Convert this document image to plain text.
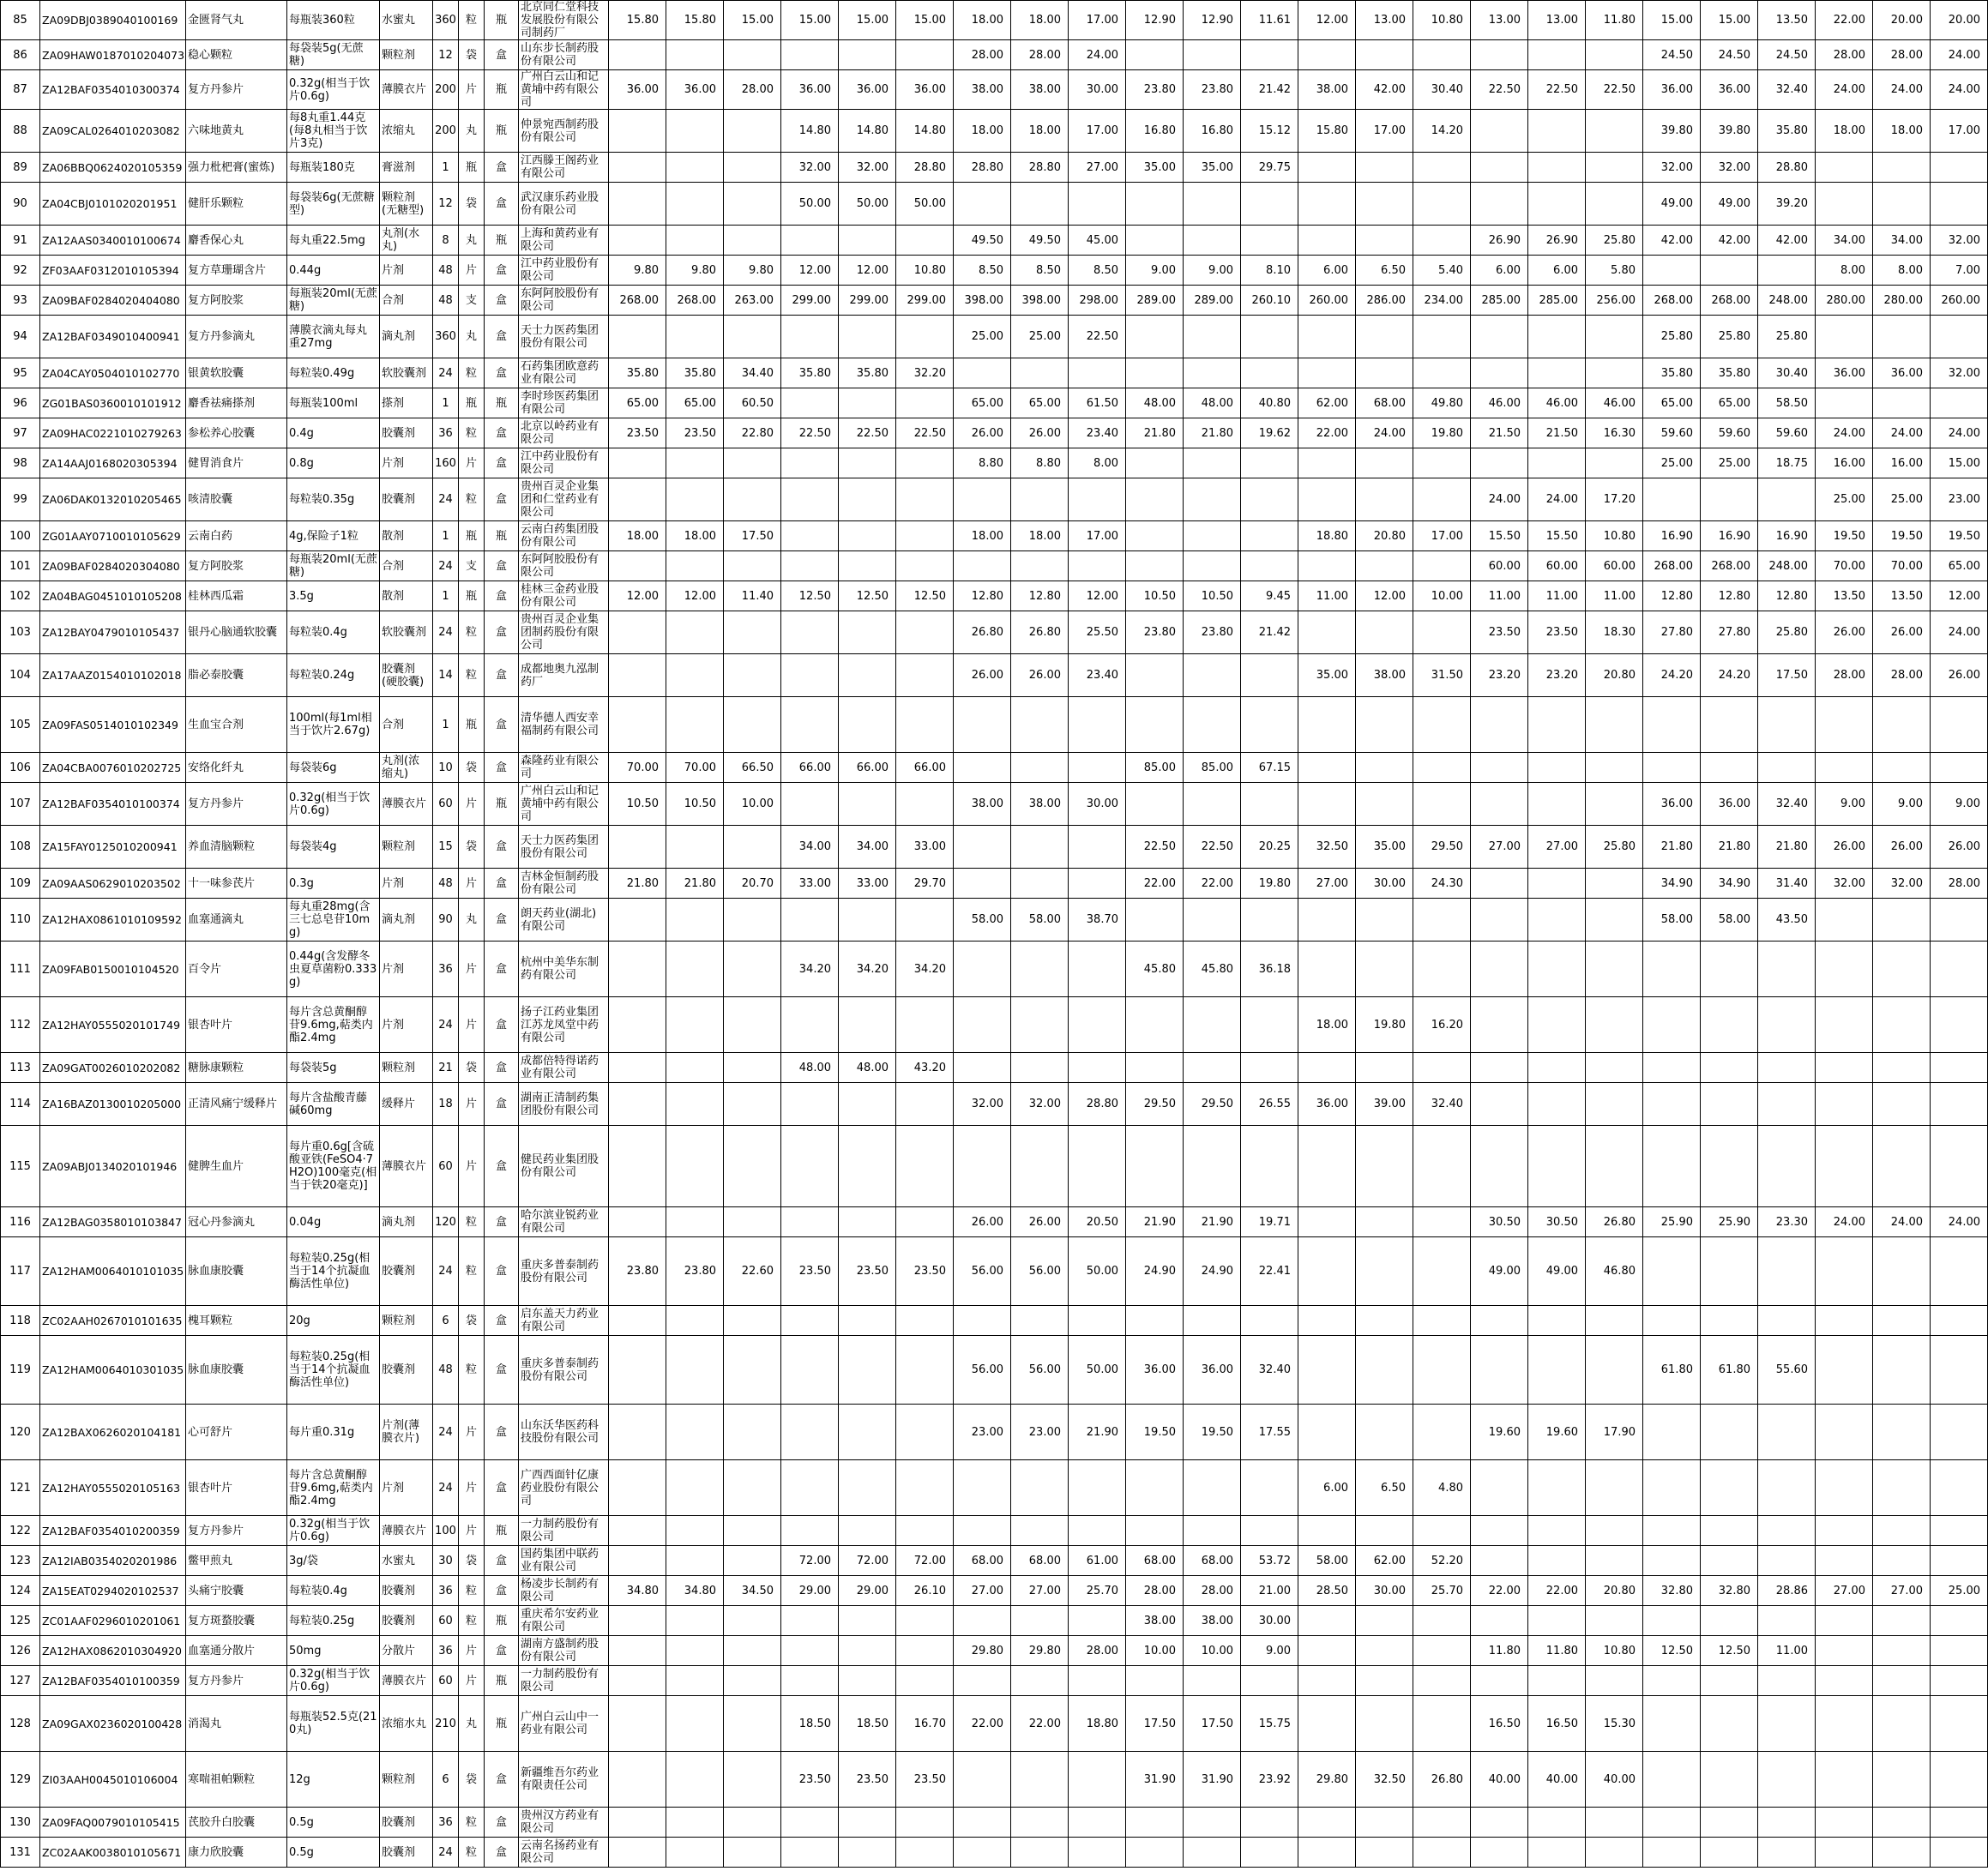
85	ZA09DBJ0389040100169	金匮肾气丸	每瓶装360粒	水蜜丸	360	粒	瓶	北京同仁堂科技发展股份有限公司制药厂	15.80	15.80	15.00	15.00	15.00	15.00	18.00	18.00	17.00	12.90	12.90	11.61	12.00	13.00	10.80	13.00	13.00	11.80	15.00	15.00	13.50	22.00	20.00	20.00
86	ZA09HAW0187010204073	稳心颗粒	每袋装5g(无蔗糖)	颗粒剂	12	袋	盒	山东步长制药股份有限公司							28.00	28.00	24.00										24.50	24.50	24.50	28.00	28.00	24.00
87	ZA12BAF0354010300374	复方丹参片	0.32g(相当于饮片0.6g)	薄膜衣片	200	片	瓶	广州白云山和记黄埔中药有限公司	36.00	36.00	28.00	36.00	36.00	36.00	38.00	38.00	30.00	23.80	23.80	21.42	38.00	42.00	30.40	22.50	22.50	22.50	36.00	36.00	32.40	24.00	24.00	24.00
88	ZA09CAL0264010203082	六味地黄丸	每8丸重1.44克(每8丸相当于饮片3克)	浓缩丸	200	丸	瓶	仲景宛西制药股份有限公司				14.80	14.80	14.80	18.00	18.00	17.00	16.80	16.80	15.12	15.80	17.00	14.20				39.80	39.80	35.80	18.00	18.00	17.00
89	ZA06BBQ0624020105359	强力枇杷膏(蜜炼)	每瓶装180克	膏滋剂	1	瓶	盒	江西滕王阁药业有限公司				32.00	32.00	28.80	28.80	28.80	27.00	35.00	35.00	29.75							32.00	32.00	28.80			
90	ZA04CBJ0101020201951	健肝乐颗粒	每袋装6g(无蔗糖型)	颗粒剂(无糖型)	12	袋	盒	武汉康乐药业股份有限公司				50.00	50.00	50.00													49.00	49.00	39.20			
91	ZA12AAS0340010100674	麝香保心丸	每丸重22.5mg	丸剂(水丸)	8	丸	瓶	上海和黄药业有限公司							49.50	49.50	45.00							26.90	26.90	25.80	42.00	42.00	42.00	34.00	34.00	32.00
92	ZF03AAF0312010105394	复方草珊瑚含片	0.44g	片剂	48	片	盒	江中药业股份有限公司	9.80	9.80	9.80	12.00	12.00	10.80	8.50	8.50	8.50	9.00	9.00	8.10	6.00	6.50	5.40	6.00	6.00	5.80				8.00	8.00	7.00
93	ZA09BAF0284020404080	复方阿胶浆	每瓶装20ml(无蔗糖)	合剂	48	支	盒	东阿阿胶股份有限公司	268.00	268.00	263.00	299.00	299.00	299.00	398.00	398.00	298.00	289.00	289.00	260.10	260.00	286.00	234.00	285.00	285.00	256.00	268.00	268.00	248.00	280.00	280.00	260.00
94	ZA12BAF0349010400941	复方丹参滴丸	薄膜衣滴丸每丸重27mg	滴丸剂	360	丸	盒	天士力医药集团股份有限公司							25.00	25.00	22.50										25.80	25.80	25.80			
95	ZA04CAY0504010102770	银黄软胶囊	每粒装0.49g	软胶囊剂	24	粒	盒	石药集团欧意药业有限公司	35.80	35.80	34.40	35.80	35.80	32.20													35.80	35.80	30.40	36.00	36.00	32.00
96	ZG01BAS0360010101912	麝香祛痛搽剂	每瓶装100ml	搽剂	1	瓶	瓶	李时珍医药集团有限公司	65.00	65.00	60.50				65.00	65.00	61.50	48.00	48.00	40.80	62.00	68.00	49.80	46.00	46.00	46.00	65.00	65.00	58.50			
97	ZA09HAC0221010279263	参松养心胶囊	0.4g	胶囊剂	36	粒	盒	北京以岭药业有限公司	23.50	23.50	22.80	22.50	22.50	22.50	26.00	26.00	23.40	21.80	21.80	19.62	22.00	24.00	19.80	21.50	21.50	16.30	59.60	59.60	59.60	24.00	24.00	24.00
98	ZA14AAJ0168020305394	健胃消食片	0.8g	片剂	160	片	盒	江中药业股份有限公司							8.80	8.80	8.00										25.00	25.00	18.75	16.00	16.00	15.00
99	ZA06DAK0132010205465	咳清胶囊	每粒装0.35g	胶囊剂	24	粒	盒	贵州百灵企业集团和仁堂药业有限公司																24.00	24.00	17.20				25.00	25.00	23.00
100	ZG01AAY0710010105629	云南白药	4g,保险子1粒	散剂	1	瓶	瓶	云南白药集团股份有限公司	18.00	18.00	17.50				18.00	18.00	17.00				18.80	20.80	17.00	15.50	15.50	10.80	16.90	16.90	16.90	19.50	19.50	19.50
101	ZA09BAF0284020304080	复方阿胶浆	每瓶装20ml(无蔗糖)	合剂	24	支	盒	东阿阿胶股份有限公司																60.00	60.00	60.00	268.00	268.00	248.00	70.00	70.00	65.00
102	ZA04BAG0451010105208	桂林西瓜霜	3.5g	散剂	1	瓶	盒	桂林三金药业股份有限公司	12.00	12.00	11.40	12.50	12.50	12.50	12.80	12.80	12.00	10.50	10.50	9.45	11.00	12.00	10.00	11.00	11.00	11.00	12.80	12.80	12.80	13.50	13.50	12.00
103	ZA12BAY0479010105437	银丹心脑通软胶囊	每粒装0.4g	软胶囊剂	24	粒	盒	贵州百灵企业集团制药股份有限公司							26.80	26.80	25.50	23.80	23.80	21.42				23.50	23.50	18.30	27.80	27.80	25.80	26.00	26.00	24.00
104	ZA17AAZ0154010102018	脂必泰胶囊	每粒装0.24g	胶囊剂(硬胶囊)	14	粒	盒	成都地奥九泓制药厂							26.00	26.00	23.40				35.00	38.00	31.50	23.20	23.20	20.80	24.20	24.20	17.50	28.00	28.00	26.00
105	ZA09FAS0514010102349	生血宝合剂	100ml(每1ml相当于饮片2.67g)	合剂	1	瓶	盒	清华德人西安幸福制药有限公司																								
106	ZA04CBA0076010202725	安络化纤丸	每袋装6g	丸剂(浓缩丸)	10	袋	盒	森隆药业有限公司	70.00	70.00	66.50	66.00	66.00	66.00				85.00	85.00	67.15												
107	ZA12BAF0354010100374	复方丹参片	0.32g(相当于饮片0.6g)	薄膜衣片	60	片	瓶	广州白云山和记黄埔中药有限公司	10.50	10.50	10.00				38.00	38.00	30.00										36.00	36.00	32.40	9.00	9.00	9.00
108	ZA15FAY0125010200941	养血清脑颗粒	每袋装4g	颗粒剂	15	袋	盒	天士力医药集团股份有限公司				34.00	34.00	33.00				22.50	22.50	20.25	32.50	35.00	29.50	27.00	27.00	25.80	21.80	21.80	21.80	26.00	26.00	26.00
109	ZA09AAS0629010203502	十一味参芪片	0.3g	片剂	48	片	盒	吉林金恒制药股份有限公司	21.80	21.80	20.70	33.00	33.00	29.70				22.00	22.00	19.80	27.00	30.00	24.30				34.90	34.90	31.40	32.00	32.00	28.00
110	ZA12HAX0861010109592	血塞通滴丸	每丸重28mg(含三七总皂苷10mg)	滴丸剂	90	丸	盒	朗天药业(湖北)有限公司							58.00	58.00	38.70										58.00	58.00	43.50			
111	ZA09FAB0150010104520	百令片	0.44g(含发酵冬虫夏草菌粉0.333g)	片剂	36	片	盒	杭州中美华东制药有限公司				34.20	34.20	34.20				45.80	45.80	36.18												
112	ZA12HAY0555020101749	银杏叶片	每片含总黄酮醇苷9.6mg,萜类内酯2.4mg	片剂	24	片	盒	扬子江药业集团江苏龙凤堂中药有限公司													18.00	19.80	16.20									
113	ZA09GAT0026010202082	糖脉康颗粒	每袋装5g	颗粒剂	21	袋	盒	成都倍特得诺药业有限公司				48.00	48.00	43.20																		
114	ZA16BAZ0130010205000	正清风痛宁缓释片	每片含盐酸青藤碱60mg	缓释片	18	片	盒	湖南正清制药集团股份有限公司							32.00	32.00	28.80	29.50	29.50	26.55	36.00	39.00	32.40									
115	ZA09ABJ0134020101946	健脾生血片	每片重0.6g[含硫酸亚铁(FeSO4·7H2O)100毫克(相当于铁20毫克)]	薄膜衣片	60	片	盒	健民药业集团股份有限公司																								
116	ZA12BAG0358010103847	冠心丹参滴丸	0.04g	滴丸剂	120	粒	盒	哈尔滨业锐药业有限公司							26.00	26.00	20.50	21.90	21.90	19.71				30.50	30.50	26.80	25.90	25.90	23.30	24.00	24.00	24.00
117	ZA12HAM0064010101035	脉血康胶囊	每粒装0.25g(相当于14个抗凝血酶活性单位)	胶囊剂	24	粒	盒	重庆多普泰制药股份有限公司	23.80	23.80	22.60	23.50	23.50	23.50	56.00	56.00	50.00	24.90	24.90	22.41				49.00	49.00	46.80						
118	ZC02AAH0267010101635	槐耳颗粒	20g	颗粒剂	6	袋	盒	启东盖天力药业有限公司																								
119	ZA12HAM0064010301035	脉血康胶囊	每粒装0.25g(相当于14个抗凝血酶活性单位)	胶囊剂	48	粒	盒	重庆多普泰制药股份有限公司							56.00	56.00	50.00	36.00	36.00	32.40							61.80	61.80	55.60			
120	ZA12BAX0626020104181	心可舒片	每片重0.31g	片剂(薄膜衣片)	24	片	盒	山东沃华医药科技股份有限公司							23.00	23.00	21.90	19.50	19.50	17.55				19.60	19.60	17.90						
121	ZA12HAY0555020105163	银杏叶片	每片含总黄酮醇苷9.6mg,萜类内酯2.4mg	片剂	24	片	盒	广西西面针亿康药业股份有限公司													6.00	6.50	4.80									
122	ZA12BAF0354010200359	复方丹参片	0.32g(相当于饮片0.6g)	薄膜衣片	100	片	瓶	一力制药股份有限公司																								
123	ZA12IAB0354020201986	鳖甲煎丸	3g/袋	水蜜丸	30	袋	盒	国药集团中联药业有限公司				72.00	72.00	72.00	68.00	68.00	61.00	68.00	68.00	53.72	58.00	62.00	52.20									
124	ZA15EAT0294020102537	头痛宁胶囊	每粒装0.4g	胶囊剂	36	粒	盒	杨凌步长制药有限公司	34.80	34.80	34.50	29.00	29.00	26.10	27.00	27.00	25.70	28.00	28.00	21.00	28.50	30.00	25.70	22.00	22.00	20.80	32.80	32.80	28.86	27.00	27.00	25.00
125	ZC01AAF0296010201061	复方斑蝥胶囊	每粒装0.25g	胶囊剂	60	粒	瓶	重庆希尔安药业有限公司										38.00	38.00	30.00												
126	ZA12HAX0862010304920	血塞通分散片	50mg	分散片	36	片	盒	湖南方盛制药股份有限公司							29.80	29.80	28.00	10.00	10.00	9.00				11.80	11.80	10.80	12.50	12.50	11.00			
127	ZA12BAF0354010100359	复方丹参片	0.32g(相当于饮片0.6g)	薄膜衣片	60	片	瓶	一力制药股份有限公司																								
128	ZA09GAX0236020100428	消渴丸	每瓶装52.5克(210丸)	浓缩水丸	210	丸	瓶	广州白云山中一药业有限公司				18.50	18.50	16.70	22.00	22.00	18.80	17.50	17.50	15.75				16.50	16.50	15.30						
129	ZI03AAH0045010106004	寒喘祖帕颗粒	12g	颗粒剂	6	袋	盒	新疆维吾尔药业有限责任公司				23.50	23.50	23.50				31.90	31.90	23.92	29.80	32.50	26.80	40.00	40.00	40.00						
130	ZA09FAQ0079010105415	芪胶升白胶囊	0.5g	胶囊剂	36	粒	盒	贵州汉方药业有限公司																								
131	ZC02AAK0038010105671	康力欣胶囊	0.5g	胶囊剂	24	粒	盒	云南名扬药业有限公司																								
